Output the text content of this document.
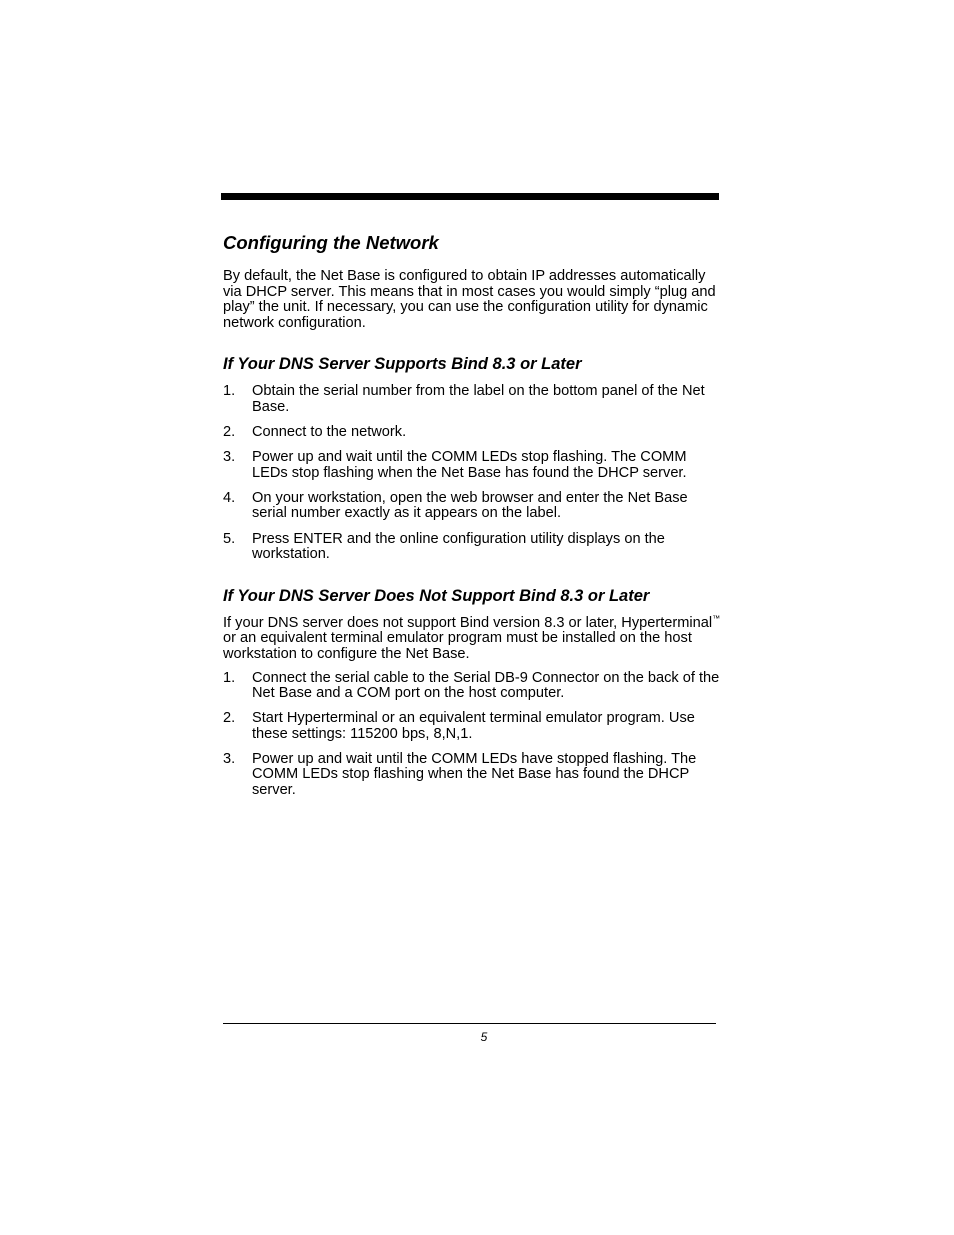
Configuring the Network

By default, the Net Base is configured to obtain IP addresses automatically via DHCP server. This means that in most cases you would simply “plug and play” the unit. If necessary, you can use the configuration utility for dynamic network configuration.

If Your DNS Server Supports Bind 8.3 or Later
1. Obtain the serial number from the label on the bottom panel of the Net Base.
2. Connect to the network.
3. Power up and wait until the COMM LEDs stop flashing. The COMM LEDs stop flashing when the Net Base has found the DHCP server.
4. On your workstation, open the web browser and enter the Net Base serial number exactly as it appears on the label.
5. Press ENTER and the online configuration utility displays on the workstation.
If Your DNS Server Does Not Support Bind 8.3 or Later

If your DNS server does not support Bind version 8.3 or later, Hyperterminal™ or an equivalent terminal emulator program must be installed on the host workstation to configure the Net Base.

1. Connect the serial cable to the Serial DB-9 Connector on the back of the Net Base and a COM port on the host computer.
2. Start Hyperterminal or an equivalent terminal emulator program. Use these settings: 115200 bps, 8,N,1.
3. Power up and wait until the COMM LEDs have stopped flashing. The COMM LEDs stop flashing when the Net Base has found the DHCP server.
5
